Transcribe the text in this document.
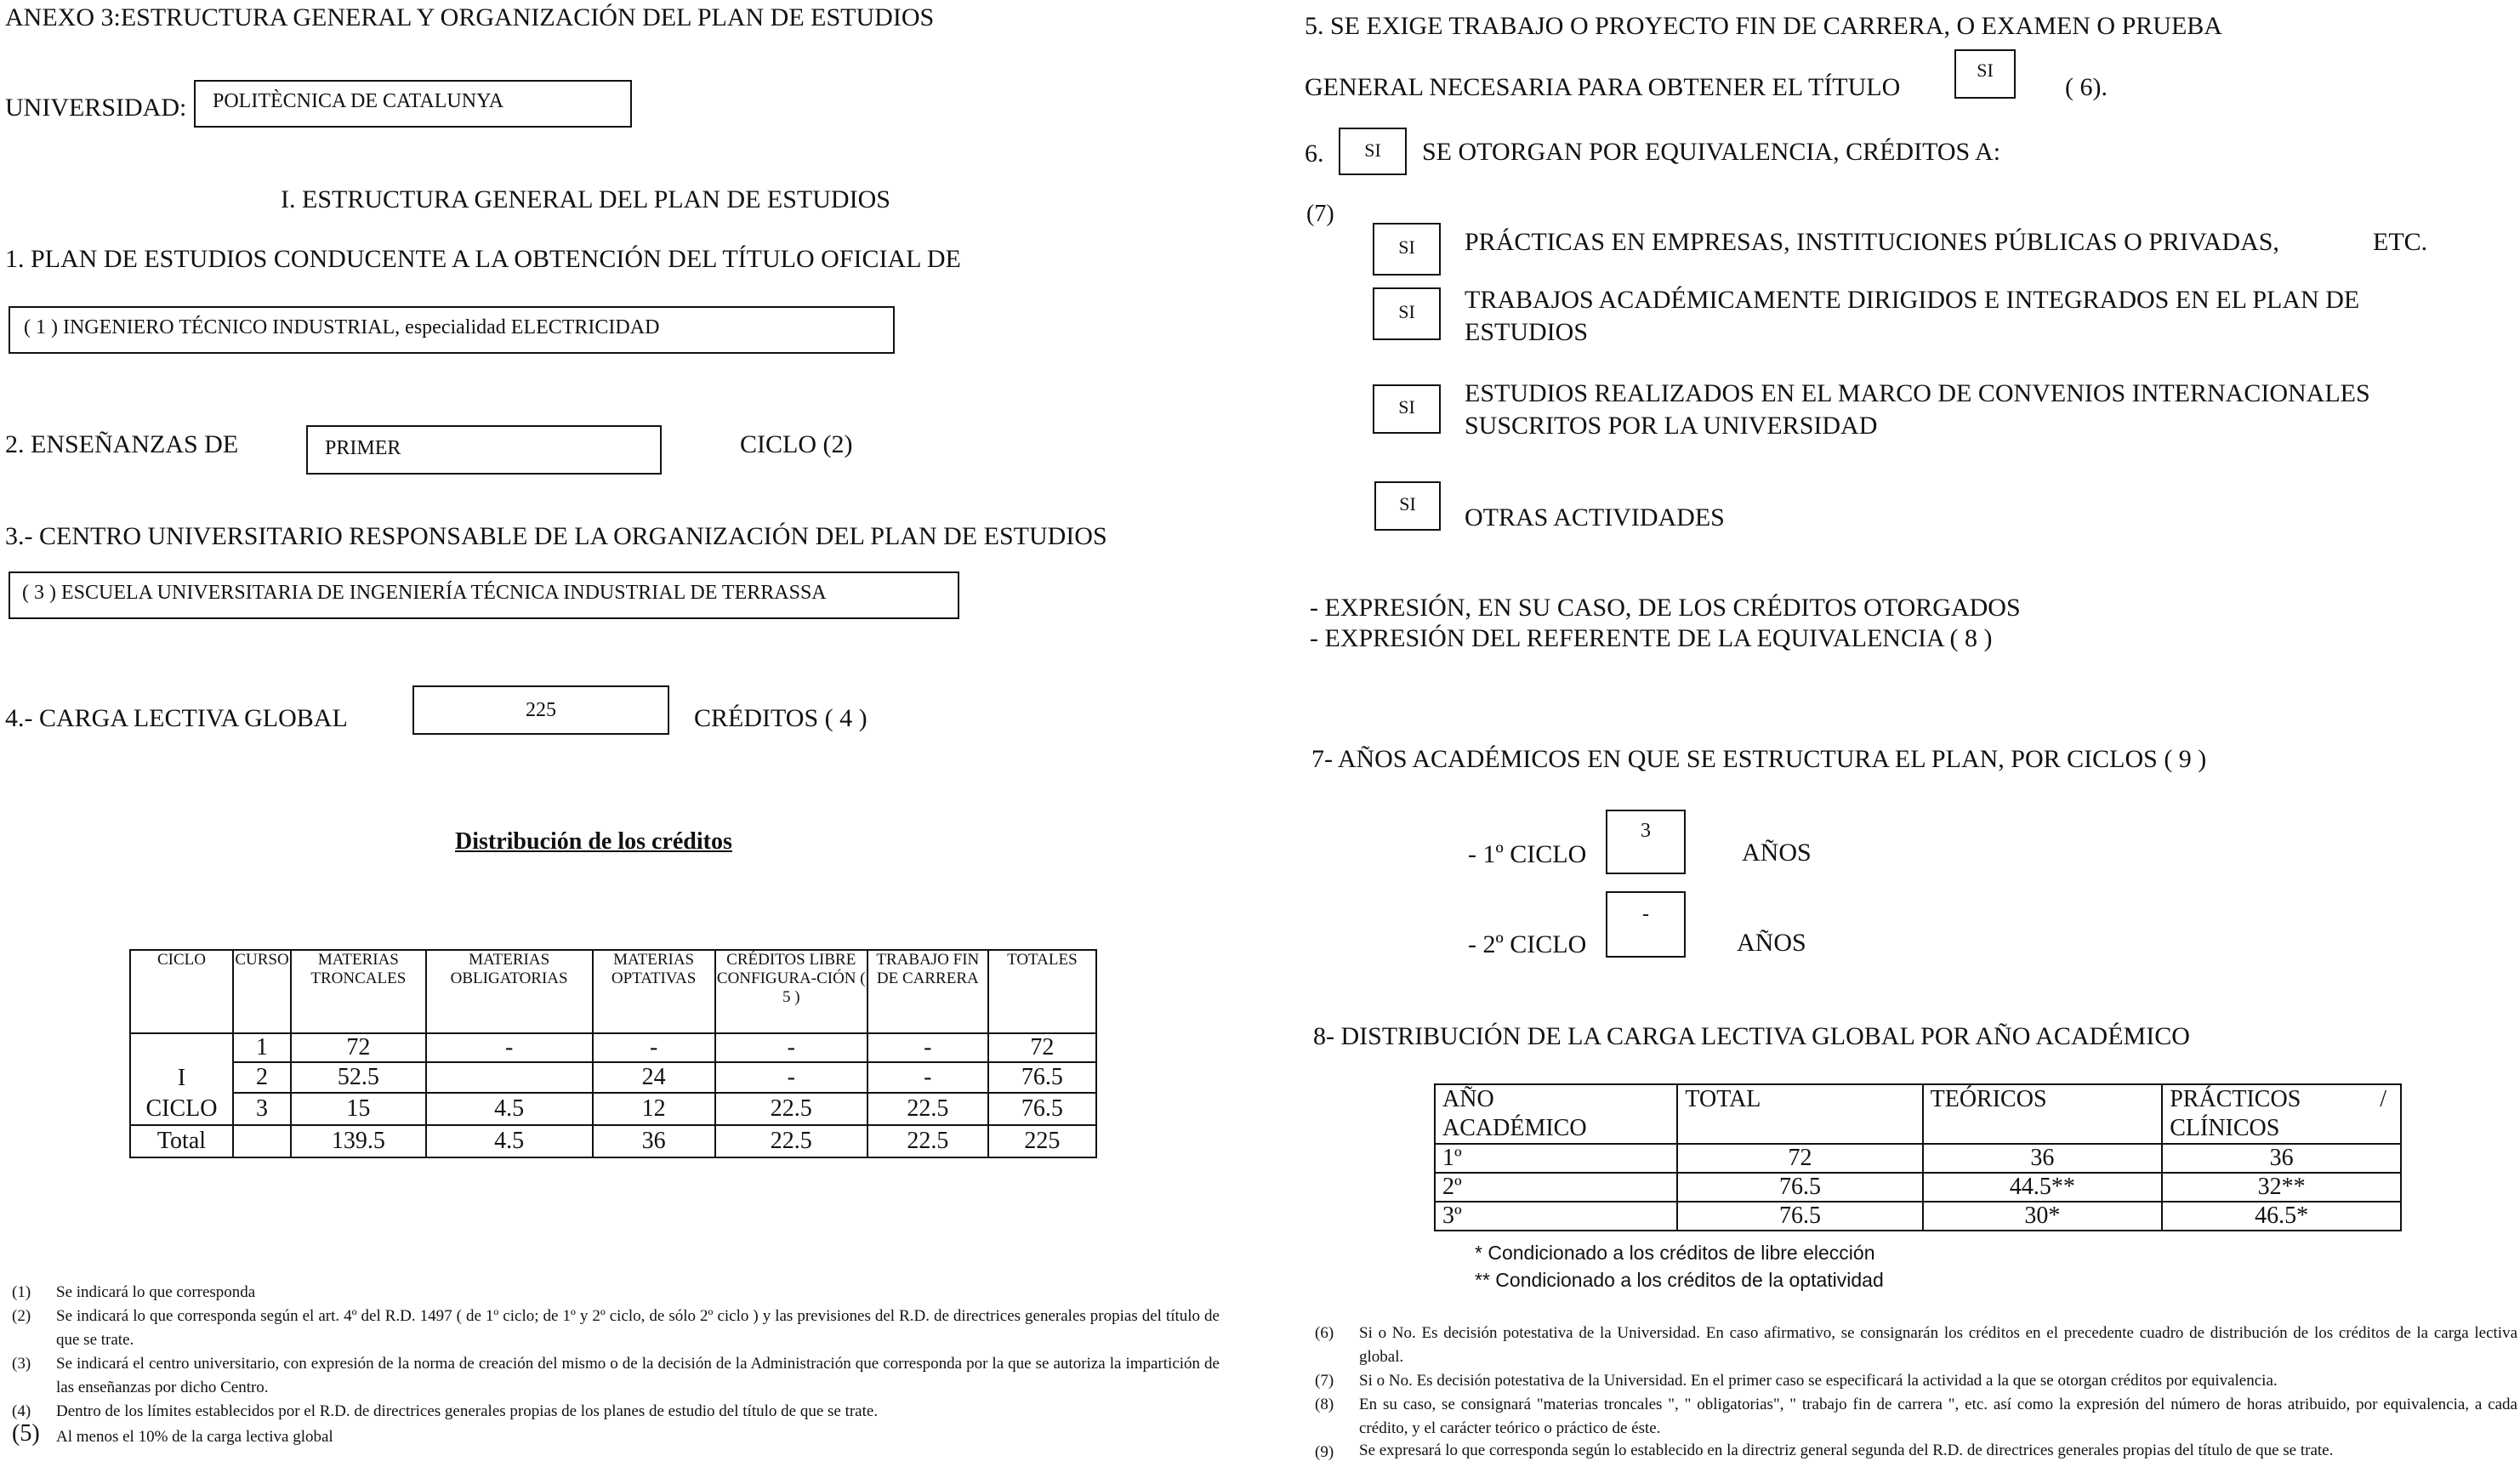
ANEXO 3:ESTRUCTURA GENERAL Y ORGANIZACIÓN DEL PLAN DE ESTUDIOS
UNIVERSIDAD: POLITÈCNICA DE CATALUNYA
I. ESTRUCTURA GENERAL DEL PLAN DE ESTUDIOS
1. PLAN DE ESTUDIOS CONDUCENTE A LA OBTENCIÓN DEL TÍTULO OFICIAL DE
( 1 ) INGENIERO TÉCNICO INDUSTRIAL, especialidad ELECTRICIDAD
2. ENSEÑANZAS DE	PRIMER	CICLO (2)
3.- CENTRO UNIVERSITARIO RESPONSABLE DE LA ORGANIZACIÓN DEL PLAN DE ESTUDIOS
( 3 ) ESCUELA UNIVERSITARIA DE INGENIERÍA TÉCNICA INDUSTRIAL DE TERRASSA
4.- CARGA LECTIVA GLOBAL	225	CRÉDITOS ( 4 )
Distribución de los créditos
CICLO	CURSO	MATERIAS TRONCALES	MATERIAS OBLIGATORIAS	MATERIAS OPTATIVAS	CRÉDITOS LIBRE CONFIGURA-CIÓN ( 5 )	TRABAJO FIN DE CARRERA	TOTALES
I
CICLO	1	72	-	-	-	-	72
	2	52.5		24	-	-	76.5
	3	15	4.5	12	22.5	22.5	76.5
Total		139.5	4.5	36	22.5	22.5	225
(1) Se indicará lo que corresponda
(2) Se indicará lo que corresponda según el art. 4º del R.D. 1497 ( de 1º ciclo; de 1º y 2º ciclo, de sólo 2º ciclo ) y las previsiones del R.D. de directrices generales propias del título de que se trate.
(3) Se indicará el centro universitario, con expresión de la norma de creación del mismo o de la decisión de la Administración que corresponda por la que se autoriza la impartición de las enseñanzas por dicho Centro.
(4) Dentro de los límites establecidos por el R.D. de directrices generales propias de los planes de estudio del título de que se trate.
(5) Al menos el 10% de la carga lectiva global
5. SE EXIGE TRABAJO O PROYECTO FIN DE CARRERA, O EXAMEN O PRUEBA
GENERAL NECESARIA PARA OBTENER EL TÍTULO
SI
( 6).
6.	SI	SE OTORGAN POR EQUIVALENCIA, CRÉDITOS A:
(7)
SI	PRÁCTICAS EN EMPRESAS, INSTITUCIONES PÚBLICAS O PRIVADAS,	ETC.
SI	TRABAJOS ACADÉMICAMENTE DIRIGIDOS E INTEGRADOS EN EL PLAN DE
ESTUDIOS
SI	ESTUDIOS REALIZADOS EN EL MARCO DE CONVENIOS INTERNACIONALES
SUSCRITOS POR LA UNIVERSIDAD
SI	OTRAS ACTIVIDADES
- EXPRESIÓN, EN SU CASO, DE LOS CRÉDITOS OTORGADOS
- EXPRESIÓN DEL REFERENTE DE LA EQUIVALENCIA ( 8 )
7- AÑOS ACADÉMICOS EN QUE SE ESTRUCTURA EL PLAN, POR CICLOS ( 9 )
- 1º CICLO
3
AÑOS
- 2º CICLO
-
AÑOS
8- DISTRIBUCIÓN DE LA CARGA LECTIVA GLOBAL POR AÑO ACADÉMICO
AÑO
ACADÉMICO	TOTAL	TEÓRICOS	PRÁCTICOS /

CLÍNICOS
1º	72	36	36
2º	76.5	44.5**	32**
3º	76.5	30*	46.5*
* Condicionado a los créditos de libre elección
** Condicionado a los créditos de la optatividad
(6) Si o No. Es decisión potestativa de la Universidad. En caso afirmativo, se consignarán los créditos en el precedente cuadro de distribución de los créditos de la carga lectiva global.
(7) Si o No. Es decisión potestativa de la Universidad. En el primer caso se especificará la actividad a la que se otorgan créditos por equivalencia.
(8) En su caso, se consignará "materias troncales ", " obligatorias", " trabajo fin de carrera ", etc. así como la expresión del número de horas atribuido, por equivalencia, a cada crédito, y el carácter teórico o práctico de éste.
(9) Se expresará lo que corresponda según lo establecido en la directriz general segunda del R.D. de directrices generales propias del título de que se trate.
